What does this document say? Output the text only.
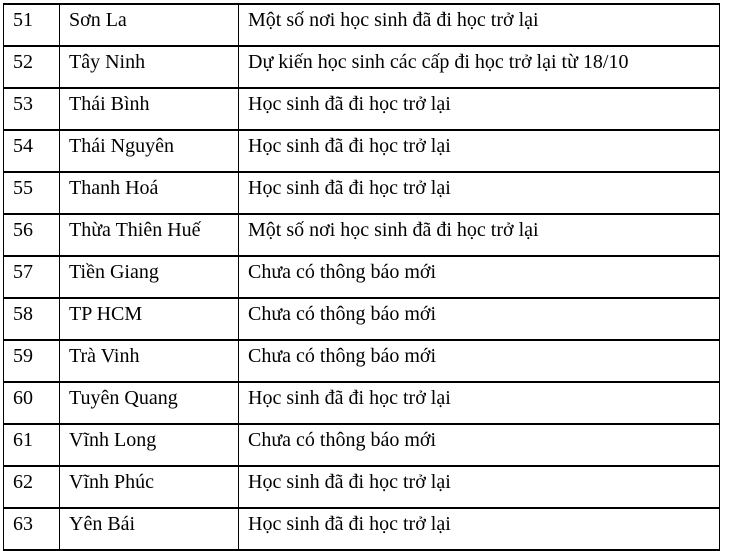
51	Sơn La	Một số nơi học sinh đã đi học trở lại
52	Tây Ninh	Dự kiến học sinh các cấp đi học trở lại từ 18/10
53	Thái Bình	Học sinh đã đi học trở lại
54	Thái Nguyên	Học sinh đã đi học trở lại
55	Thanh Hoá	Học sinh đã đi học trở lại
56	Thừa Thiên Huế	Một số nơi học sinh đã đi học trở lại
57	Tiền Giang	Chưa có thông báo mới
58	TP HCM	Chưa có thông báo mới
59	Trà Vinh	Chưa có thông báo mới
60	Tuyên Quang	Học sinh đã đi học trở lại
61	Vĩnh Long	Chưa có thông báo mới
62	Vĩnh Phúc	Học sinh đã đi học trở lại
63	Yên Bái	Học sinh đã đi học trở lại
